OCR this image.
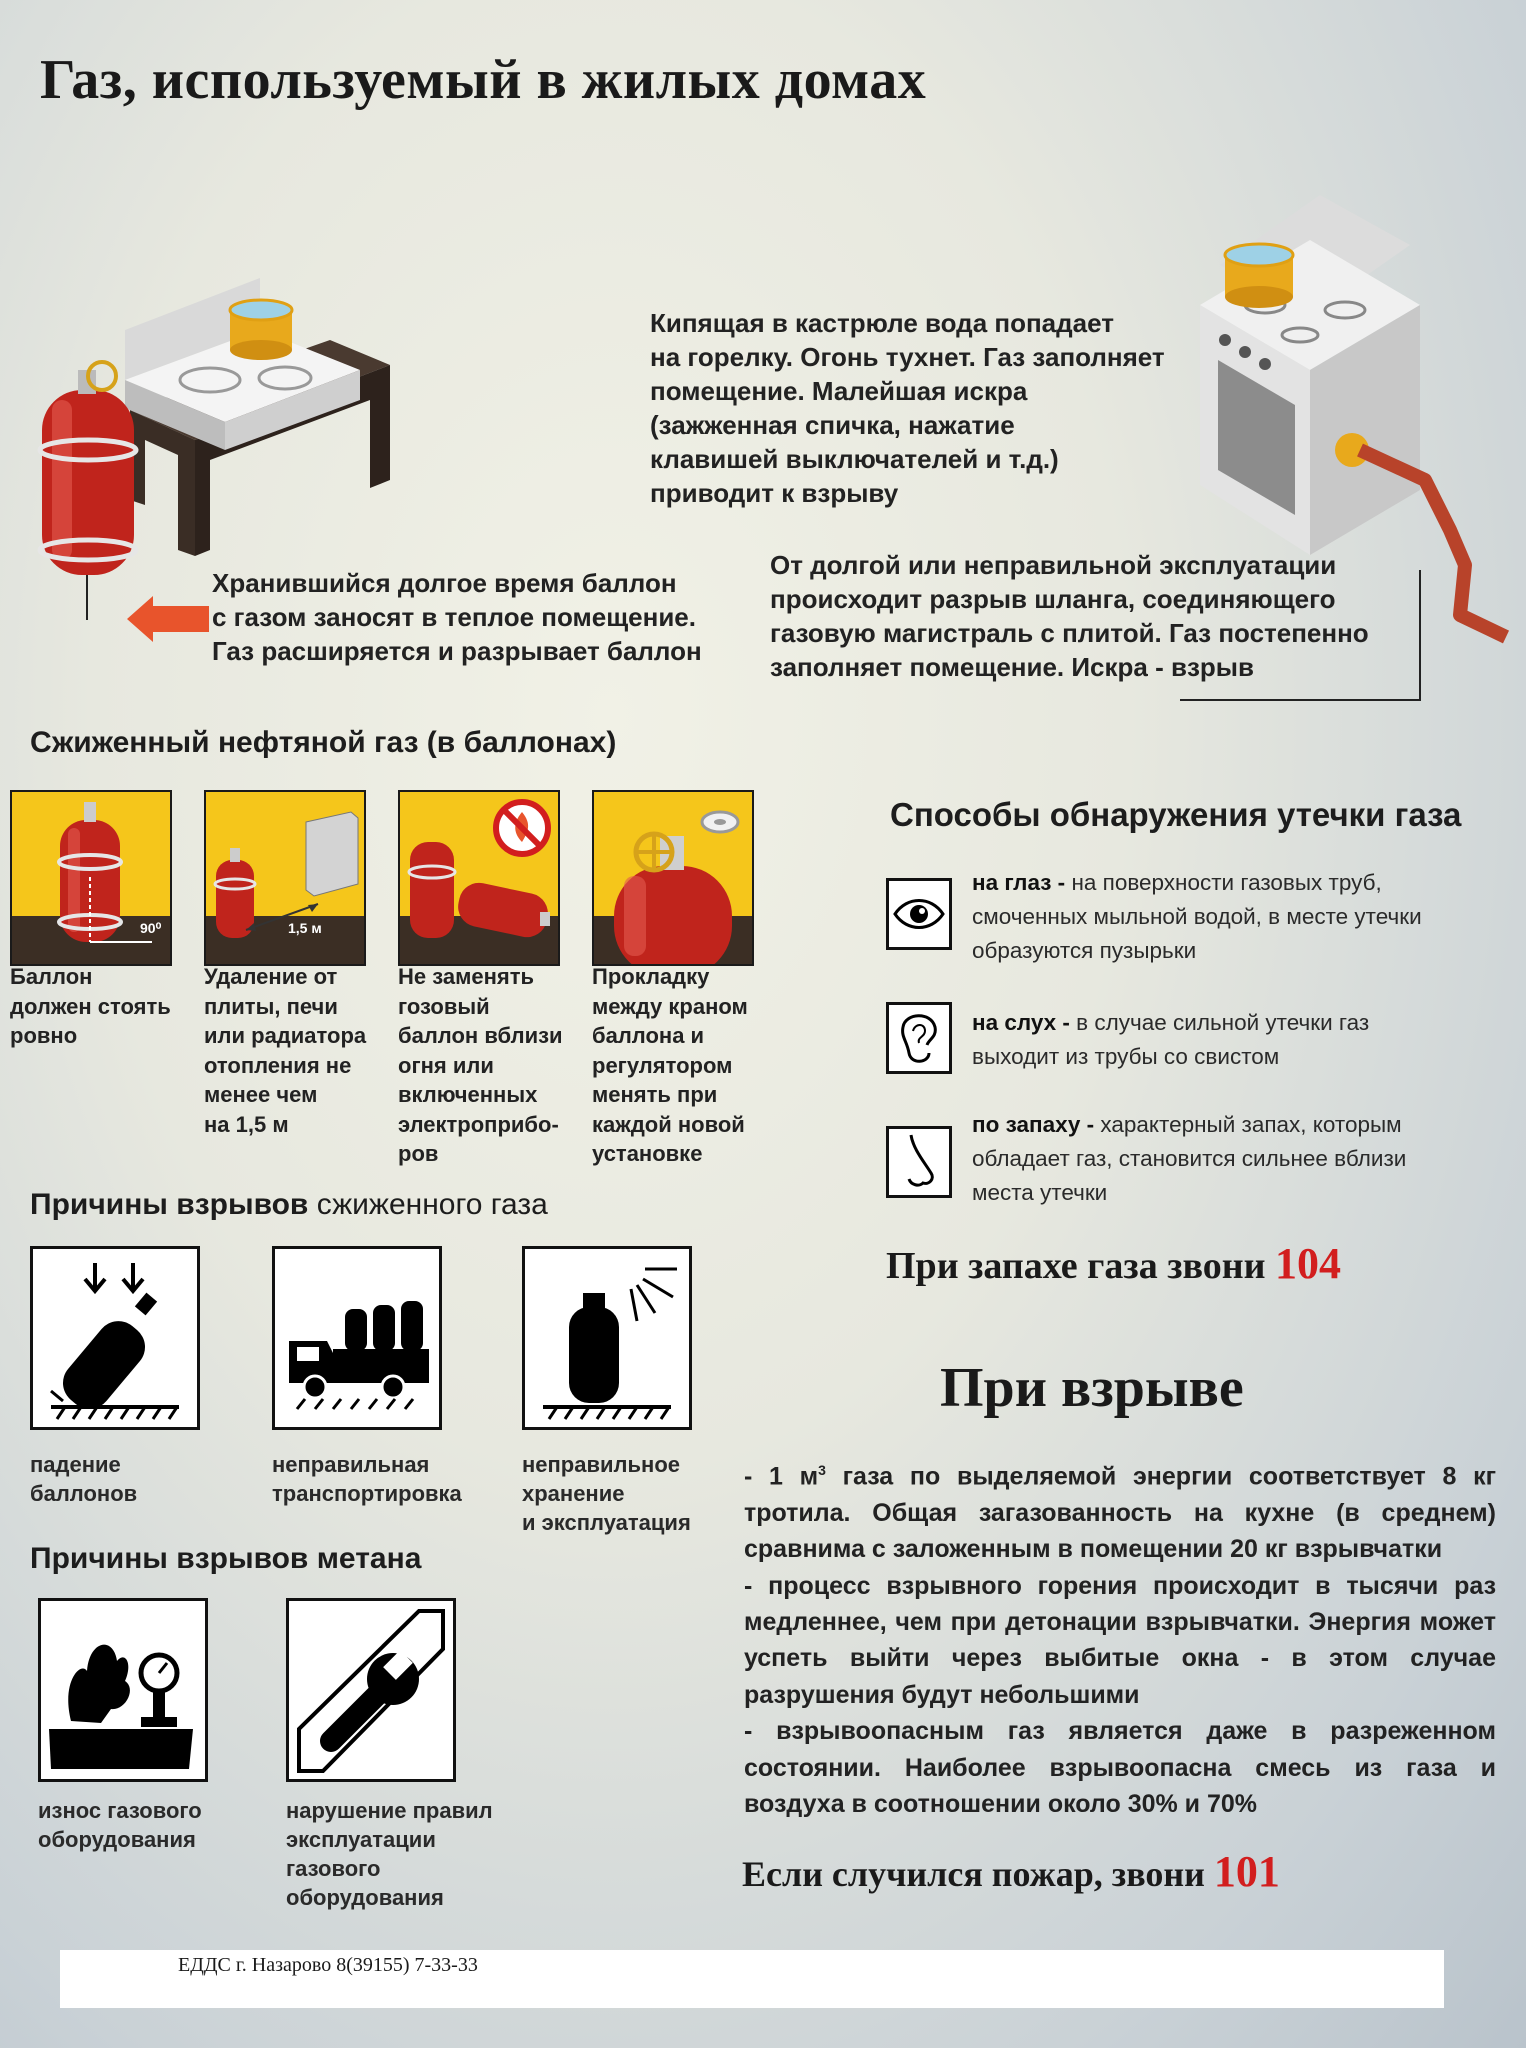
Газ, используемый в жилых домах
Хранившийся долгое время баллон
с газом заносят в теплое помещение.
Газ расширяется и разрывает баллон
Кипящая в кастрюле вода попадает
на горелку. Огонь тухнет. Газ заполняет
помещение. Малейшая искра
(зажженная спичка, нажатие
клавишей выключателей и т.д.)
приводит к взрыву
От долгой или неправильной эксплуатации
происходит разрыв шланга, соединяющего
газовую магистраль с плитой. Газ постепенно
заполняет помещение. Искра - взрыв
Сжиженный нефтяной газ (в баллонах)
90⁰	1,5 м
Баллон
должен стоять
ровно
Удаление от
плиты, печи
или радиатора
отопления не
менее чем
на 1,5 м
Не заменять
гозовый
баллон вблизи
огня или
включенных
электроприбо-
ров
Прокладку
между краном
баллона и
регулятором
менять при
каждой новой
установке
Причины взрывов сжиженного газа
падение
баллонов
неправильная
транспортировка
неправильное
хранение
и эксплуатация
Причины взрывов метана
износ газового
оборудования
нарушение правил
эксплуатации
газового
оборудования
Способы обнаружения утечки газа
на глаз - на поверхности газовых труб,
смоченных мыльной водой, в месте утечки
образуются пузырьки
на слух - в случае сильной утечки газ
выходит из трубы со свистом
по запаху - характерный запах, которым
обладает газ, становится сильнее вблизи
места утечки
При запахе газа звони 104
При взрыве
- 1 $м^3$ газа по выделяемой энергии соответствует 8 кг тротила. Общая загазованность на кухне (в среднем) сравнима с заложенным в помещении 20 кг взрывчатки
- процесс взрывного горения происходит в тысячи раз медленнее, чем при детонации взрывчатки. Энергия может успеть выйти через выбитые окна - в этом случае разрушения будут небольшими
- взрывоопасным газ является даже в разреженном состоянии. Наиболее взрывоопасна смесь из газа и воздуха в соотношении около 30% и 70%
Если случился пожар, звони 101
ЕДДС г. Назарово 8(39155) 7-33-33
